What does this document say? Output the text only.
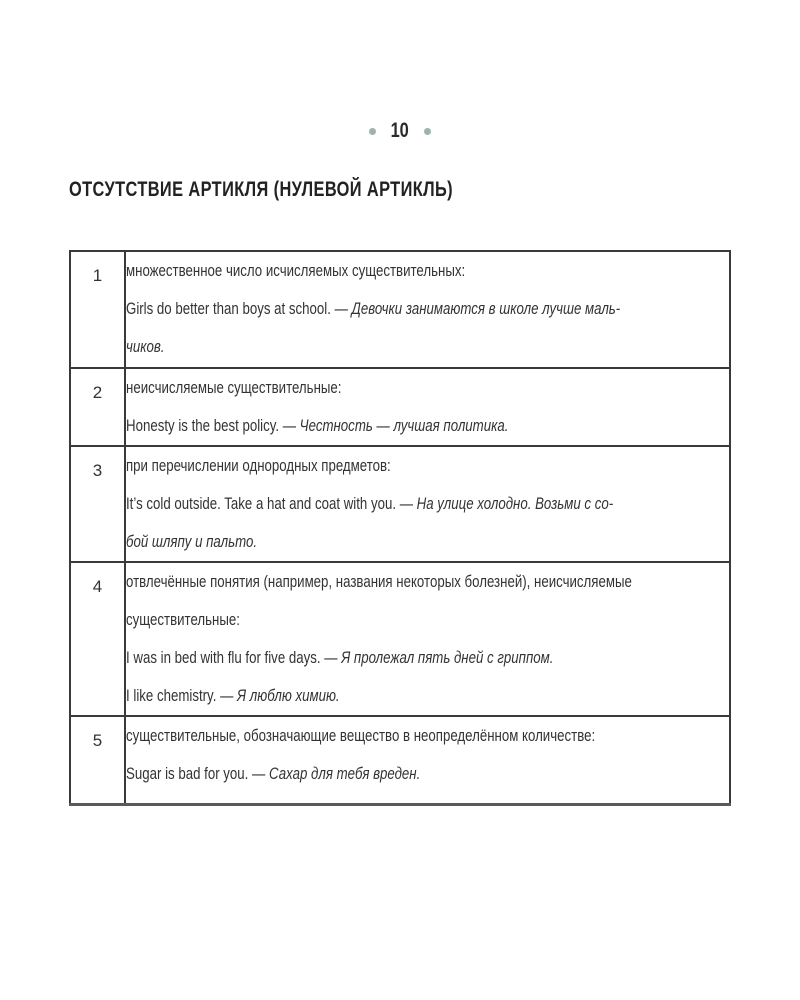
10
ОТСУТСТВИЕ АРТИКЛЯ (НУЛЕВОЙ АРТИКЛЬ)
1	множественное число исчисляемых существительных:
Girls do better than boys at school. — Девочки занимаются в школе лучше маль-
чиков.

2	неисчисляемые существительные:
Honesty is the best policy. — Честность — лучшая политика.

3	при перечислении однородных предметов:
It’s cold outside. Take a hat and coat with you. — На улице холодно. Возьми с со-
бой шляпу и пальто.

4	отвлечённые понятия (например, названия некоторых болезней), неисчисляемые
существительные:
I was in bed with flu for five days. — Я пролежал пять дней с гриппом.
I like chemistry. — Я люблю химию.

5	существительные, обозначающие вещество в неопределённом количестве:
Sugar is bad for you. — Сахар для тебя вреден.
